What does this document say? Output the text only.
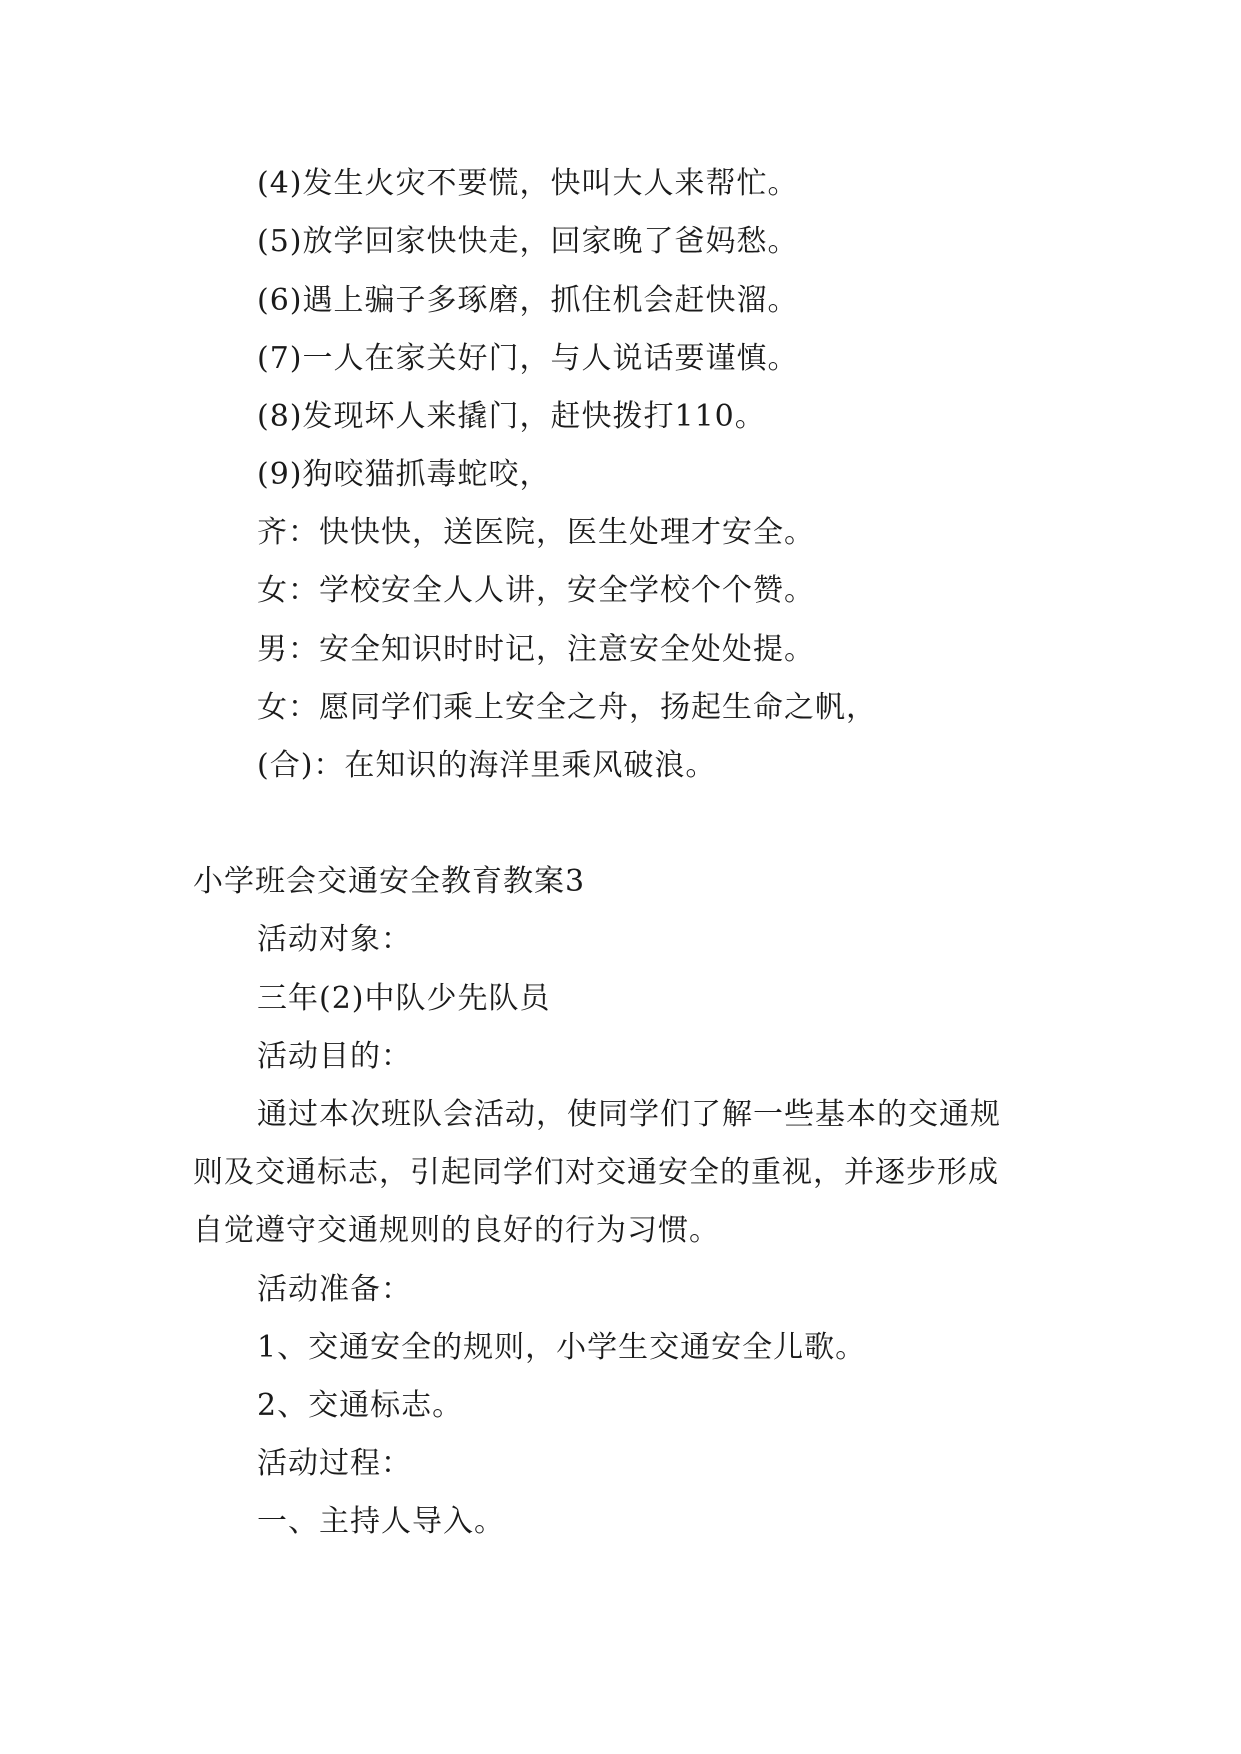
(4)发生火灾不要慌，快叫大人来帮忙。
(5)放学回家快快走，回家晚了爸妈愁。
(6)遇上骗子多琢磨，抓住机会赶快溜。
(7)一人在家关好门，与人说话要谨慎。
(8)发现坏人来撬门，赶快拨打110。
(9)狗咬猫抓毒蛇咬，
齐：快快快，送医院，医生处理才安全。
女：学校安全人人讲，安全学校个个赞。
男：安全知识时时记，注意安全处处提。
女：愿同学们乘上安全之舟，扬起生命之帆，
(合)：在知识的海洋里乘风破浪。
小学班会交通安全教育教案3
活动对象：
三年(2)中队少先队员
活动目的：
通过本次班队会活动，使同学们了解一些基本的交通规
则及交通标志，引起同学们对交通安全的重视，并逐步形成
自觉遵守交通规则的良好的行为习惯。
活动准备：
1、交通安全的规则，小学生交通安全儿歌。
2、交通标志。
活动过程：
一、主持人导入。
